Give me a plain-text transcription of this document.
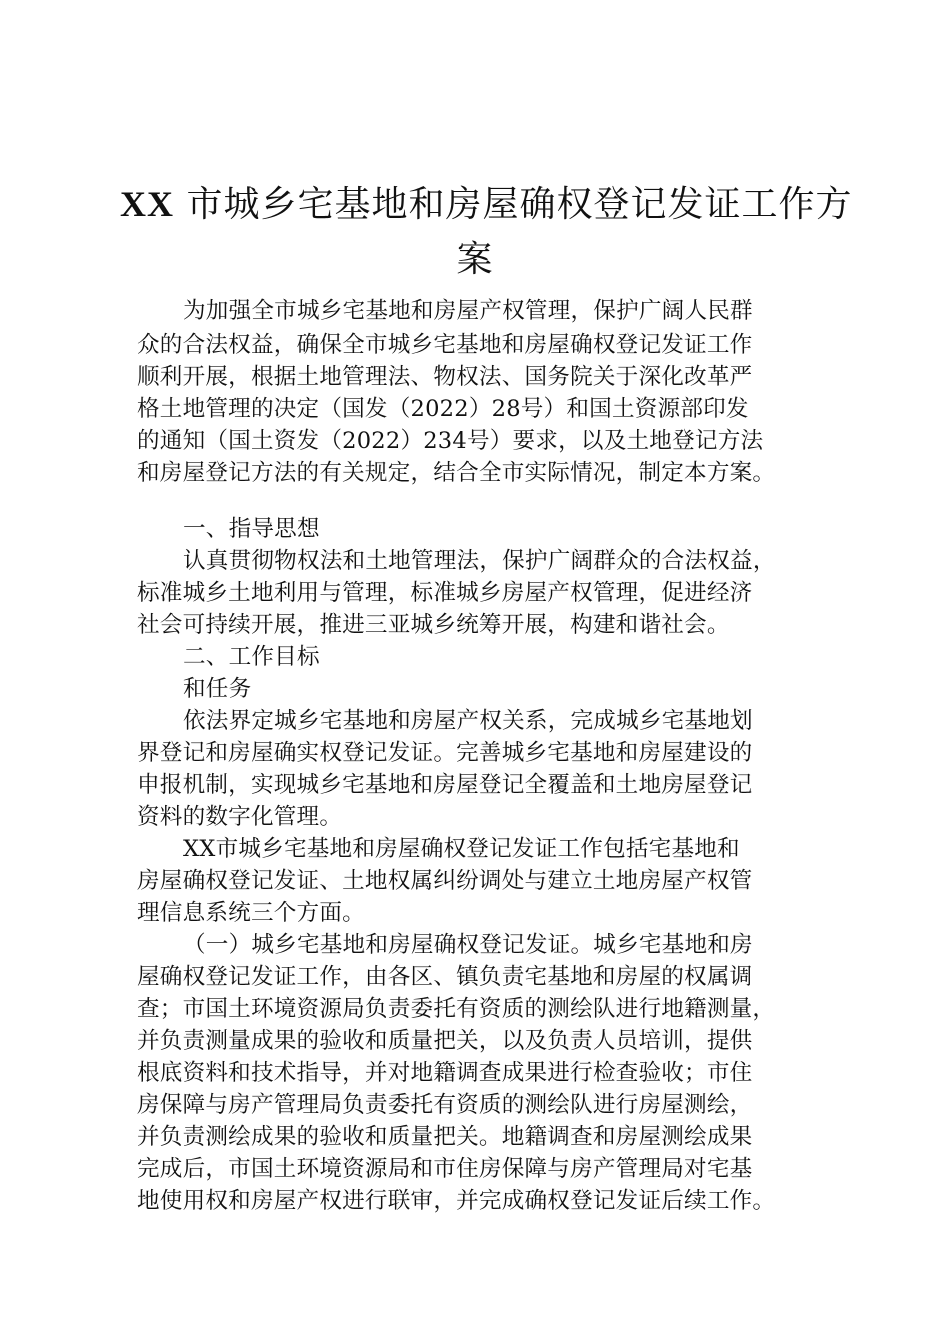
XX 市城乡宅基地和房屋确权登记发证工作方
案
为加强全市城乡宅基地和房屋产权管理，保护广阔人民群
众的合法权益，确保全市城乡宅基地和房屋确权登记发证工作
顺利开展，根据土地管理法、物权法、国务院关于深化改革严
格土地管理的决定（国发（2022）28号）和国土资源部印发
的通知（国土资发（2022）234号）要求，以及土地登记方法
和房屋登记方法的有关规定，结合全市实际情况，制定本方案。
一、指导思想
认真贯彻物权法和土地管理法，保护广阔群众的合法权益，
标准城乡土地利用与管理，标准城乡房屋产权管理，促进经济
社会可持续开展，推进三亚城乡统筹开展，构建和谐社会。
二、工作目标
和任务
依法界定城乡宅基地和房屋产权关系，完成城乡宅基地划
界登记和房屋确实权登记发证。完善城乡宅基地和房屋建设的
申报机制，实现城乡宅基地和房屋登记全覆盖和土地房屋登记
资料的数字化管理。
XX市城乡宅基地和房屋确权登记发证工作包括宅基地和
房屋确权登记发证、土地权属纠纷调处与建立土地房屋产权管
理信息系统三个方面。
（一）城乡宅基地和房屋确权登记发证。城乡宅基地和房
屋确权登记发证工作，由各区、镇负责宅基地和房屋的权属调
查；市国土环境资源局负责委托有资质的测绘队进行地籍测量，
并负责测量成果的验收和质量把关，以及负责人员培训，提供
根底资料和技术指导，并对地籍调查成果进行检查验收；市住
房保障与房产管理局负责委托有资质的测绘队进行房屋测绘，
并负责测绘成果的验收和质量把关。地籍调查和房屋测绘成果
完成后，市国土环境资源局和市住房保障与房产管理局对宅基
地使用权和房屋产权进行联审，并完成确权登记发证后续工作。
